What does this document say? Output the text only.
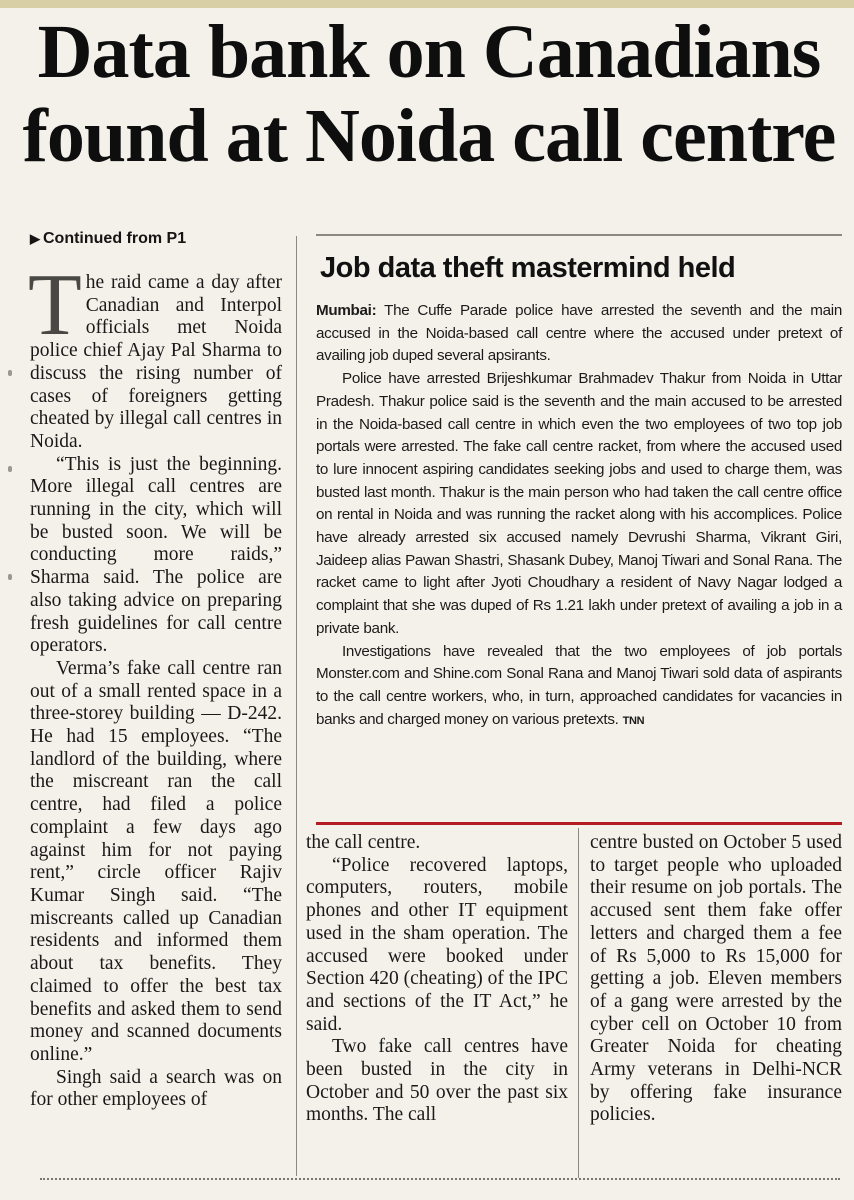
Data bank on Canadians found at Noida call centre
▶ Continued from P1

The raid came a day after Canadian and Interpol officials met Noida police chief Ajay Pal Sharma to discuss the rising number of cases of foreigners getting cheated by illegal call centres in Noida.

“This is just the beginning. More illegal call centres are running in the city, which will be busted soon. We will be conducting more raids,” Sharma said. The police are also taking advice on preparing fresh guidelines for call centre operators.

Verma’s fake call centre ran out of a small rented space in a three-storey building — D-242. He had 15 employees. “The landlord of the building, where the miscreant ran the call centre, had filed a police complaint a few days ago against him for not paying rent,” circle officer Rajiv Kumar Singh said. “The miscreants called up Canadian residents and informed them about tax benefits. They claimed to offer the best tax benefits and asked them to send money and scanned documents online.”

Singh said a search was on for other employees of

Job data theft mastermind held

Mumbai: The Cuffe Parade police have arrested the seventh and the main accused in the Noida-based call centre where the accused under pretext of availing job duped several apsirants.

Police have arrested Brijeshkumar Brahmadev Thakur from Noida in Uttar Pradesh. Thakur police said is the seventh and the main accused to be arrested in the Noida-based call centre in which even the two employees of two top job portals were arrested. The fake call centre racket, from where the accused used to lure innocent aspiring candidates seeking jobs and used to charge them, was busted last month. Thakur is the main person who had taken the call centre office on rental in Noida and was running the racket along with his accomplices. Police have already arrested six accused namely Devrushi Sharma, Vikrant Giri, Jaideep alias Pawan Shastri, Shasank Dubey, Manoj Tiwari and Sonal Rana. The racket came to light after Jyoti Choudhary a resident of Navy Nagar lodged a complaint that she was duped of Rs 1.21 lakh under pretext of availing a job in a private bank.

Investigations have revealed that the two employees of job portals Monster.com and Shine.com Sonal Rana and Manoj Tiwari sold data of aspirants to the call centre workers, who, in turn, approached candidates for vacancies in banks and charged money on various pretexts. TNN

the call centre.

“Police recovered laptops, computers, routers, mobile phones and other IT equipment used in the sham operation. The accused were booked under Section 420 (cheating) of the IPC and sections of the IT Act,” he said.

Two fake call centres have been busted in the city in October and 50 over the past six months. The call

centre busted on October 5 used to target people who uploaded their resume on job portals. The accused sent them fake offer letters and charged them a fee of Rs 5,000 to Rs 15,000 for getting a job. Eleven members of a gang were arrested by the cyber cell on October 10 from Greater Noida for cheating Army veterans in Delhi-NCR by offering fake insurance policies.
